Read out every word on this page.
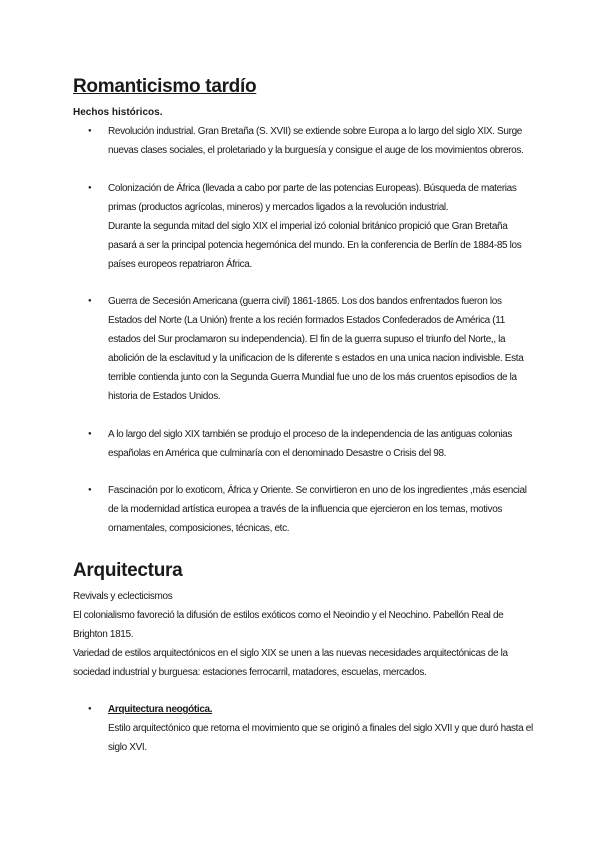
Romanticismo tardío

Hechos históricos.

● Revolución industrial. Gran Bretaña (S. XVII) se extiende sobre Europa a lo largo del siglo XIX. Surge nuevas clases sociales, el proletariado y la burguesía y consigue el auge de los movimientos obreros.
● Colonización de África (llevada a cabo por parte de las potencias Europeas). Búsqueda de materias primas (productos agrícolas, mineros) y mercados ligados a la revolución industrial.
Durante la segunda mitad del siglo XIX el imperial izó colonial británico propició que Gran Bretaña pasará a ser la principal potencia hegemónica del mundo. En la conferencia de Berlín de 1884-85 los países europeos repatriaron África.
● Guerra de Secesión Americana (guerra civil) 1861-1865. Los dos bandos enfrentados fueron los Estados del Norte (La Unión) frente a los recién formados Estados Confederados de América (11 estados del Sur proclamaron su independencia). El fin de la guerra supuso el triunfo del Norte,, la abolición de la esclavitud y la unificacion de ls diferente s estados en una unica nacion indivisble. Esta terrible contienda junto con la Segunda Guerra Mundial fue uno de los más cruentos episodios de la historia de Estados Unidos.
● A lo largo del siglo XIX también se produjo el proceso de la independencia de las antiguas colonias españolas en América que culminaría con el denominado Desastre o Crisis del 98.
● Fascinación por lo exoticom, África y Oriente. Se convirtieron en uno de los ingredientes ,más esencial de la modernidad artística europea a través de la influencia que ejercieron en los temas, motivos ornamentales, composiciones, técnicas, etc.
Arquitectura
Revivals y eclecticismos
El colonialismo favoreció la difusión de estilos exóticos como el Neoindio y el Neochino. Pabellón Real de Brighton 1815.
Variedad de estilos arquitectónicos en el siglo XIX se unen a las nuevas necesidades arquitectónicas de la sociedad industrial y burguesa: estaciones ferrocarril, matadores, escuelas, mercados.
● Arquitectura neogótica.
Estilo arquitectónico que retoma el movimiento que se originó a finales del siglo XVII y que duró hasta el siglo XVI.
